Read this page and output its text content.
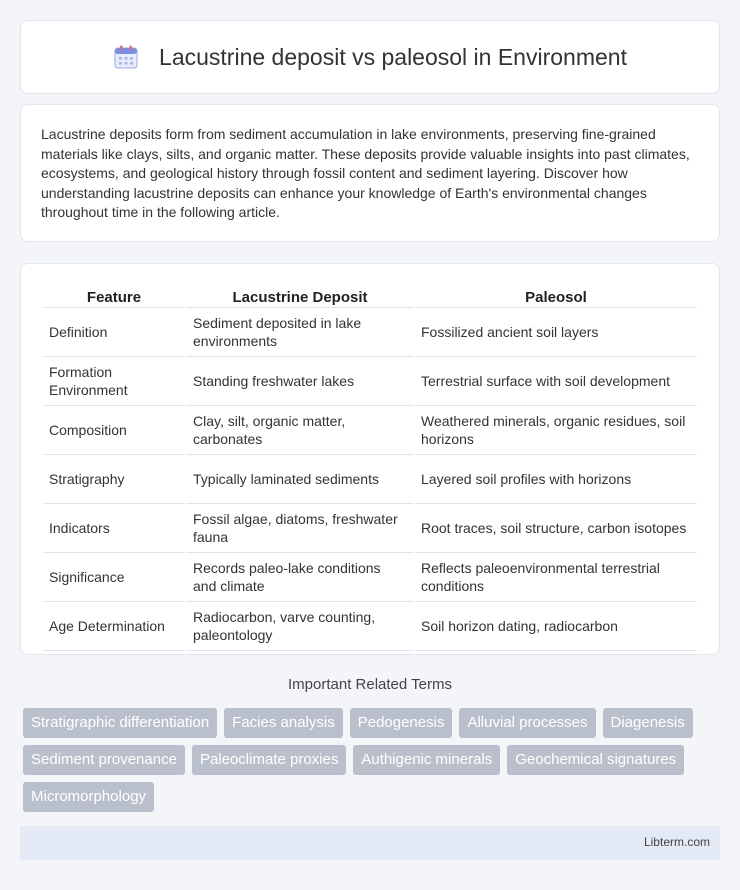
Lacustrine deposit vs paleosol in Environment

Lacustrine deposits form from sediment accumulation in lake environments, preserving fine-grained materials like clays, silts, and organic matter. These deposits provide valuable insights into past climates, ecosystems, and geological history through fossil content and sediment layering. Discover how understanding lacustrine deposits can enhance your knowledge of Earth's environmental changes throughout time in the following article.

Feature	Lacustrine Deposit	Paleosol
Definition	Sediment deposited in lake environments	Fossilized ancient soil layers
Formation Environment	Standing freshwater lakes	Terrestrial surface with soil development
Composition	Clay, silt, organic matter, carbonates	Weathered minerals, organic residues, soil horizons
Stratigraphy	Typically laminated sediments	Layered soil profiles with horizons
Indicators	Fossil algae, diatoms, freshwater fauna	Root traces, soil structure, carbon isotopes
Significance	Records paleo-lake conditions and climate	Reflects paleoenvironmental terrestrial conditions
Age Determination	Radiocarbon, varve counting, paleontology	Soil horizon dating, radiocarbon
Important Related Terms
Stratigraphic differentiation	Facies analysis	Pedogenesis	Alluvial processes	Diagenesis
Sediment provenance	Paleoclimate proxies	Authigenic minerals	Geochemical signatures
Micromorphology
Libterm.com
